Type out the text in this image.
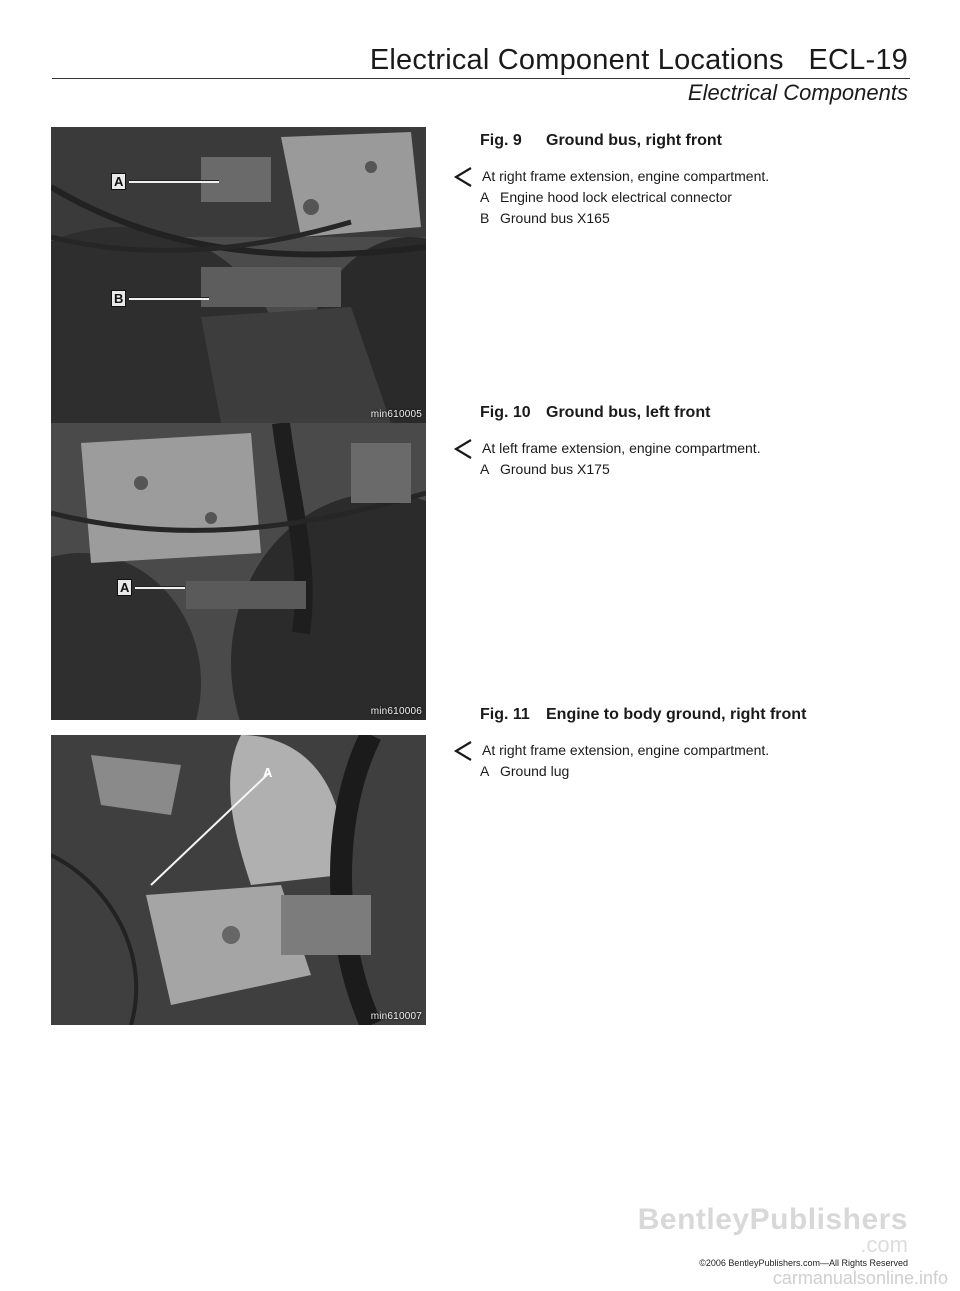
Electrical Component Locations   ECL-19
Electrical Components
A
B
min610005
A
min610006
A
min610007
Fig. 9 Ground bus, right front
At right frame extension, engine compartment.
A Engine hood lock electrical connector
B Ground bus X165
Fig. 10 Ground bus, left front
At left frame extension, engine compartment.
A Ground bus X175
Fig. 11 Engine to body ground, right front
At right frame extension, engine compartment.
A Ground lug
BentleyPublishers
.com
©2006 BentleyPublishers.com—All Rights Reserved
carmanualsonline.info
